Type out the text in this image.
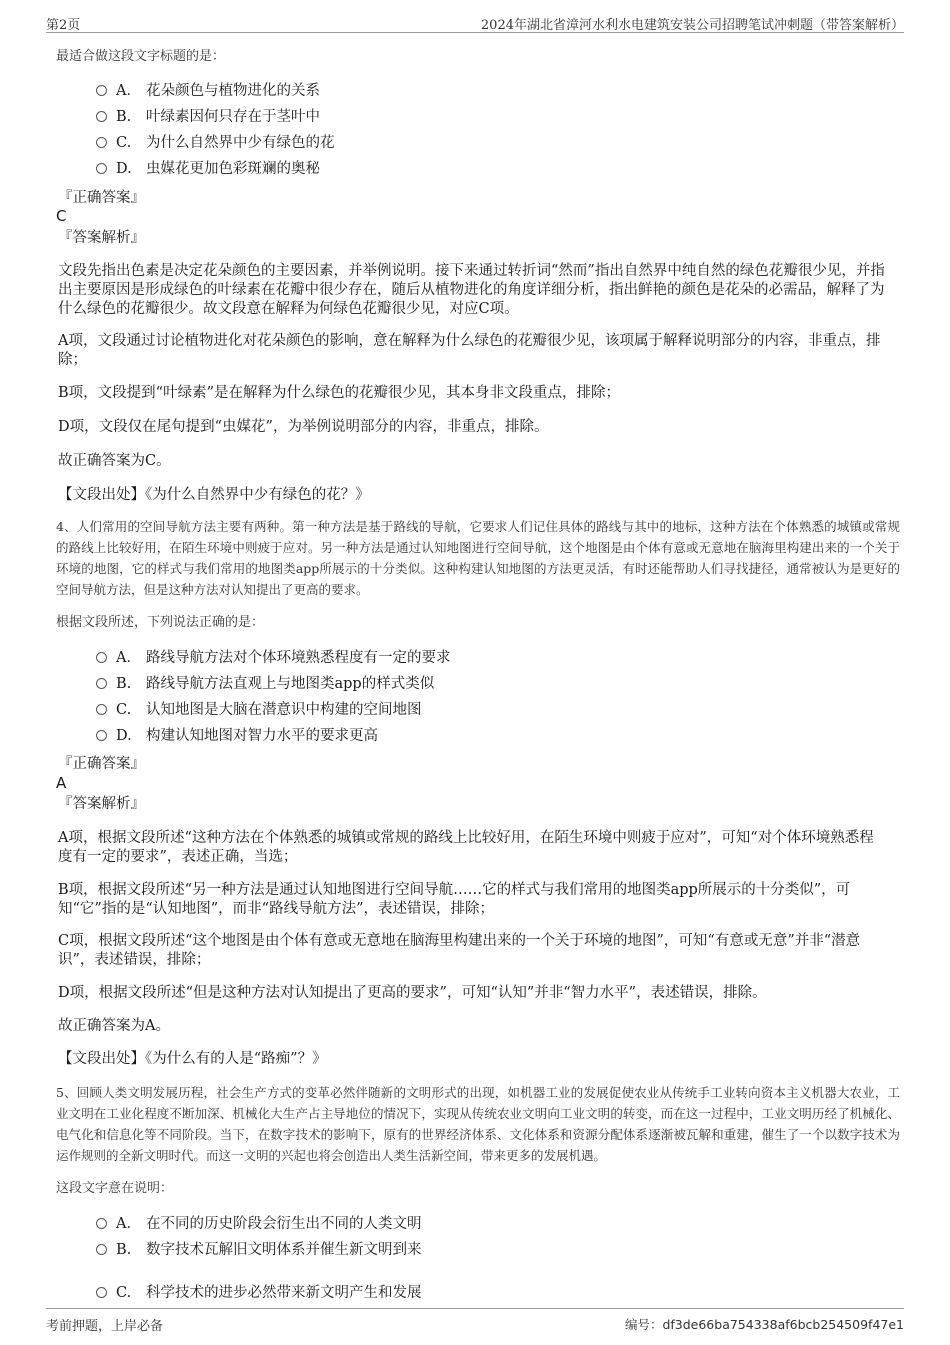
第2页	2024年湖北省漳河水利水电建筑安装公司招聘笔试冲刺题（带答案解析）
最适合做这段文字标题的是：
A． 花朵颜色与植物进化的关系
B. 叶绿素因何只存在于茎叶中
C. 为什么自然界中少有绿色的花
D. 虫媒花更加色彩斑斓的奥秘
『正确答案』
C
『答案解析』
文段先指出色素是决定花朵颜色的主要因素，并举例说明。接下来通过转折词“然而”指出自然界中纯自然的绿色花瓣很少见，并指出主要原因是形成绿色的叶绿素在花瓣中很少存在，随后从植物进化的角度详细分析，指出鲜艳的颜色是花朵的必需品，解释了为什么绿色的花瓣很少。故文段意在解释为何绿色花瓣很少见，对应C项。
A项，文段通过讨论植物进化对花朵颜色的影响，意在解释为什么绿色的花瓣很少见，该项属于解释说明部分的内容，非重点，排除；
B项，文段提到“叶绿素”是在解释为什么绿色的花瓣很少见，其本身非文段重点，排除；
D项，文段仅在尾句提到“虫媒花”，为举例说明部分的内容，非重点，排除。
故正确答案为C。
【文段出处】《为什么自然界中少有绿色的花？》
4、人们常用的空间导航方法主要有两种。第一种方法是基于路线的导航，它要求人们记住具体的路线与其中的地标，这种方法在个体熟悉的城镇或常规的路线上比较好用，在陌生环境中则疲于应对。另一种方法是通过认知地图进行空间导航，这个地图是由个体有意或无意地在脑海里构建出来的一个关于环境的地图，它的样式与我们常用的地图类app所展示的十分类似。这种构建认知地图的方法更灵活，有时还能帮助人们寻找捷径，通常被认为是更好的空间导航方法，但是这种方法对认知提出了更高的要求。
根据文段所述，下列说法正确的是：
A． 路线导航方法对个体环境熟悉程度有一定的要求
B. 路线导航方法直观上与地图类app的样式类似
C. 认知地图是大脑在潜意识中构建的空间地图
D. 构建认知地图对智力水平的要求更高
『正确答案』
A
『答案解析』
A项，根据文段所述“这种方法在个体熟悉的城镇或常规的路线上比较好用，在陌生环境中则疲于应对”，可知“对个体环境熟悉程度有一定的要求”，表述正确，当选；
B项，根据文段所述“另一种方法是通过认知地图进行空间导航……它的样式与我们常用的地图类app所展示的十分类似”，可知“它”指的是“认知地图”，而非“路线导航方法”，表述错误，排除；
C项，根据文段所述“这个地图是由个体有意或无意地在脑海里构建出来的一个关于环境的地图”，可知“有意或无意”并非“潜意识”，表述错误，排除；
D项，根据文段所述“但是这种方法对认知提出了更高的要求”，可知“认知”并非“智力水平”，表述错误，排除。
故正确答案为A。
【文段出处】《为什么有的人是“路痴”？》
5、回顾人类文明发展历程，社会生产方式的变革必然伴随新的文明形式的出现，如机器工业的发展促使农业从传统手工业转向资本主义机器大农业，工业文明在工业化程度不断加深、机械化大生产占主导地位的情况下，实现从传统农业文明向工业文明的转变，而在这一过程中，工业文明历经了机械化、电气化和信息化等不同阶段。当下，在数字技术的影响下，原有的世界经济体系、文化体系和资源分配体系逐渐被瓦解和重建，催生了一个以数字技术为运作规则的全新文明时代。而这一文明的兴起也将会创造出人类生活新空间，带来更多的发展机遇。
这段文字意在说明：
A． 在不同的历史阶段会衍生出不同的人类文明
B. 数字技术瓦解旧文明体系并催生新文明到来
C. 科学技术的进步必然带来新文明产生和发展
考前押题，上岸必备	编号：df3de66ba754338af6bcb254509f47e1
